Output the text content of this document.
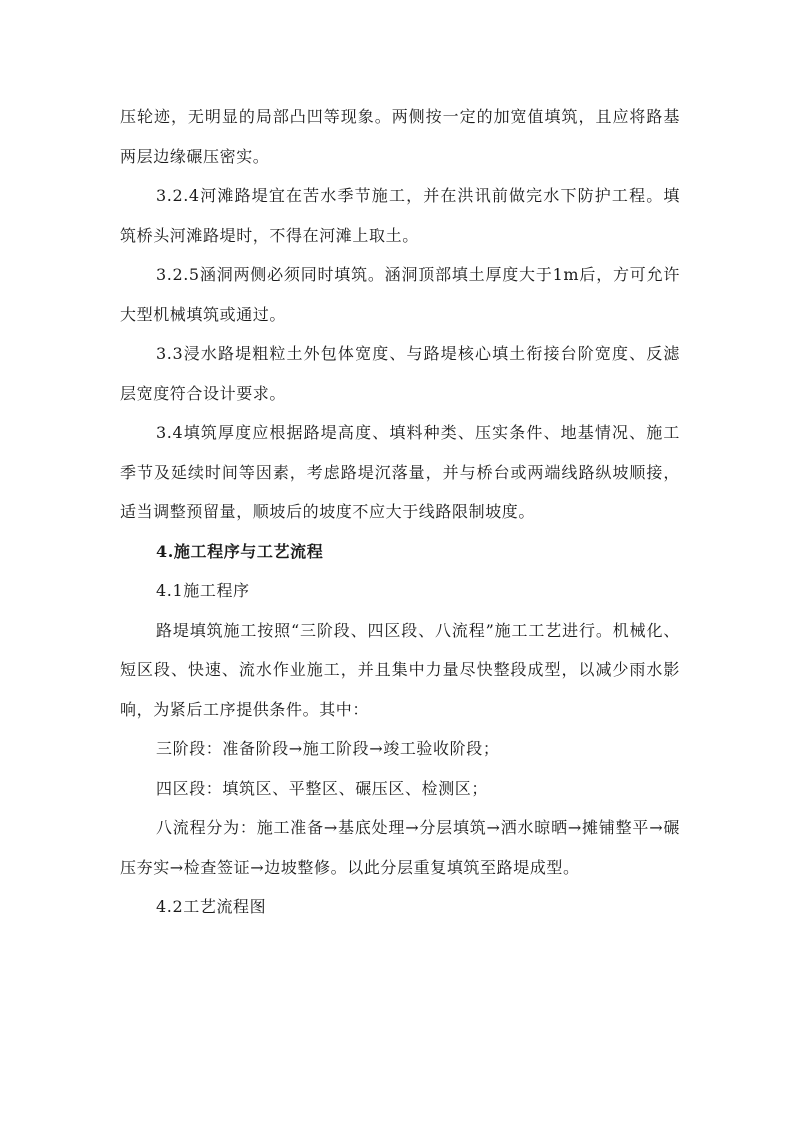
压轮迹，无明显的局部凸凹等现象。两侧按一定的加宽值填筑，且应将路基两层边缘碾压密实。

3.2.4河滩路堤宜在苦水季节施工，并在洪讯前做完水下防护工程。填筑桥头河滩路堤时，不得在河滩上取土。

3.2.5涵洞两侧必须同时填筑。涵洞顶部填土厚度大于1m后，方可允许大型机械填筑或通过。

3.3浸水路堤粗粒土外包体宽度、与路堤核心填土衔接台阶宽度、反滤层宽度符合设计要求。

3.4填筑厚度应根据路堤高度、填料种类、压实条件、地基情况、施工季节及延续时间等因素，考虑路堤沉落量，并与桥台或两端线路纵坡顺接，适当调整预留量，顺坡后的坡度不应大于线路限制坡度。

4.施工程序与工艺流程

4.1施工程序

路堤填筑施工按照“三阶段、四区段、八流程”施工工艺进行。机械化、短区段、快速、流水作业施工，并且集中力量尽快整段成型，以减少雨水影响，为紧后工序提供条件。其中：

三阶段：准备阶段→施工阶段→竣工验收阶段；

四区段：填筑区、平整区、碾压区、检测区；

八流程分为：施工准备→基底处理→分层填筑→洒水晾晒→摊铺整平→碾压夯实→检查签证→边坡整修。以此分层重复填筑至路堤成型。

4.2工艺流程图
